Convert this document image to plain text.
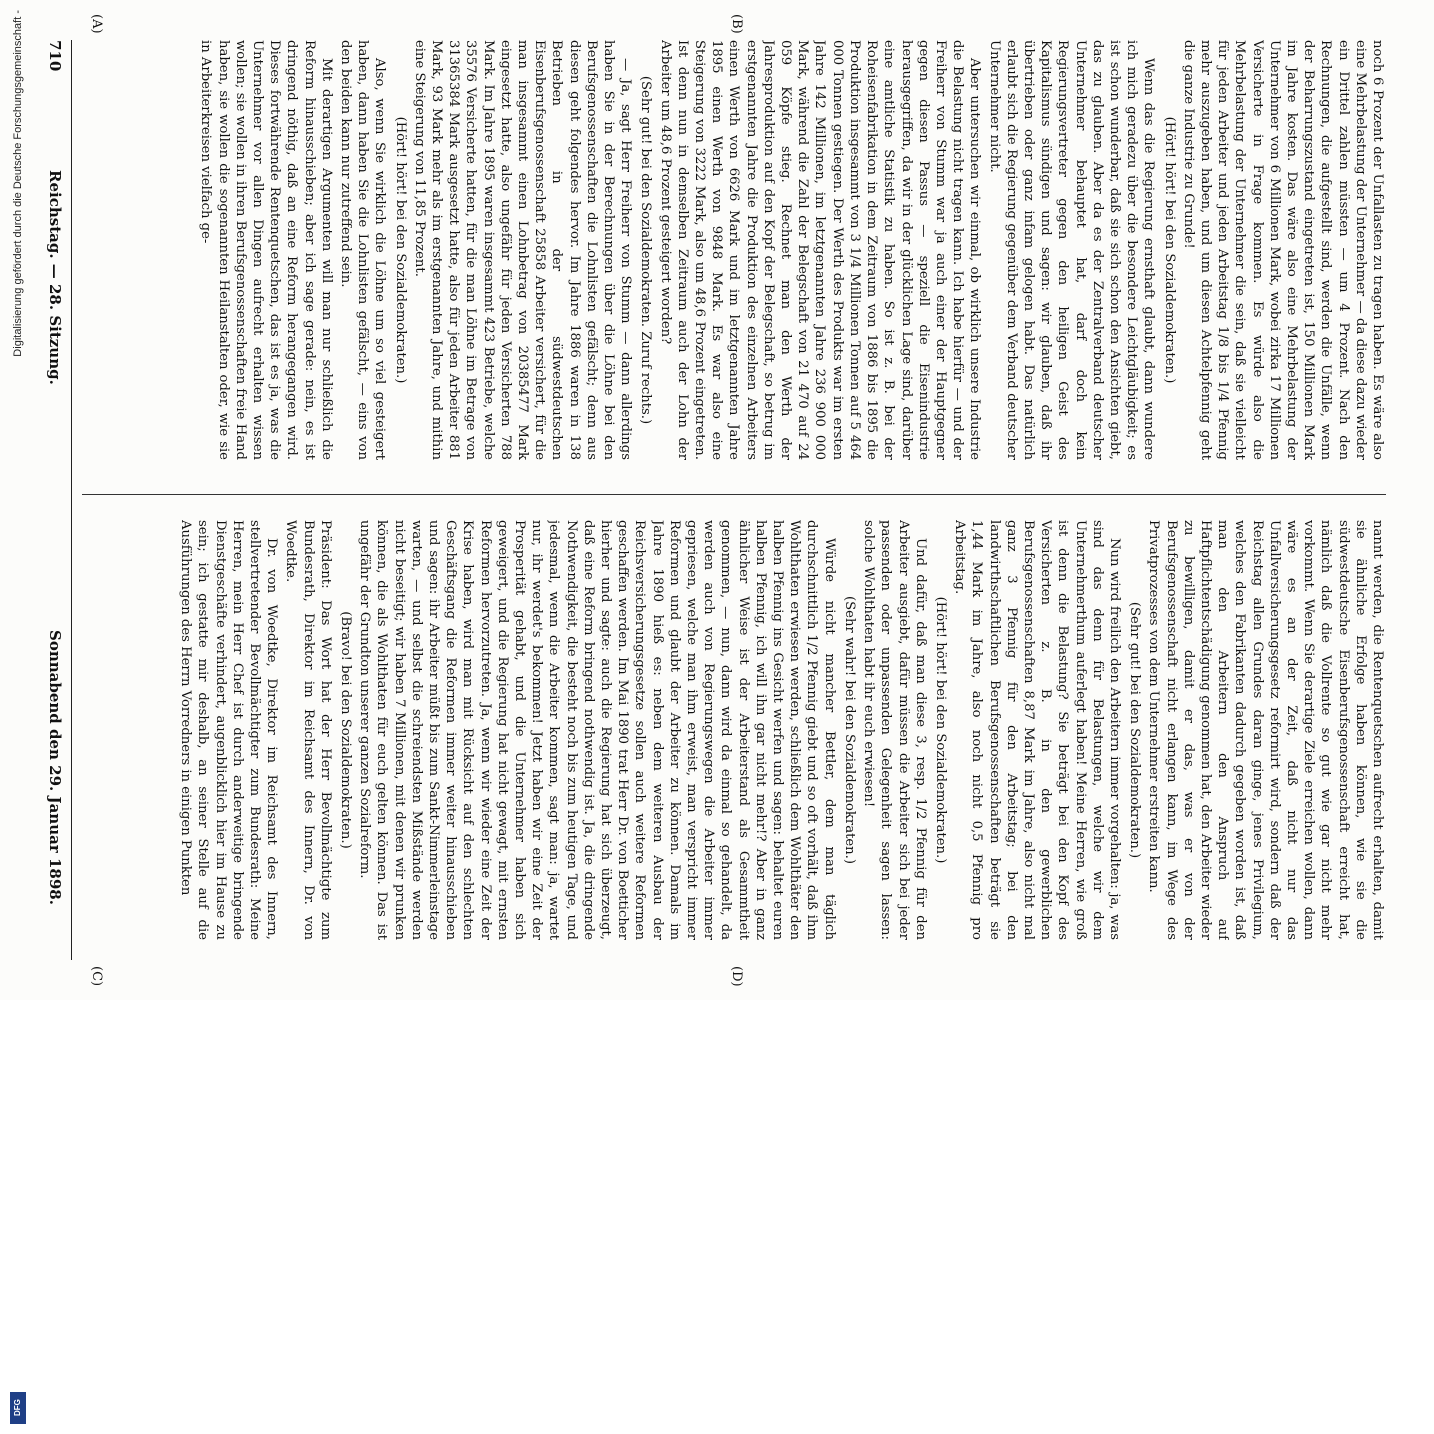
710
Reichstag. — 28. Sitzung.
Sonnabend den 29. Januar 1898.

noch 6 Prozent der Unfallasten zu tragen haben. Es wäre also eine Mehrbelastung der Unternehmer — da diese dazu wieder ein Drittel zahlen müssten — um 4 Prozent. Nach den Rechnungen, die aufgestellt sind, werden die Unfälle, wenn der Beharrungszustand eingetreten ist, 150 Millionen Mark im Jahre kosten. Das wäre also eine Mehrbelastung der Unternehmer von 6 Millionen Mark, wobei zirka 17 Millionen Versicherte in Frage kommen. Es würde also die Mehrbelastung der Unternehmer die sein, daß sie vielleicht für jeden Arbeiter und jeden Arbeitstag 1/8 bis 1/4 Pfennig mehr auszugeben haben, und um diesen Achtelpfennig geht die ganze Industrie zu Grunde!

(Hört! hört! bei den Sozialdemokraten.)

Wenn das die Regierung ernsthaft glaubt, dann wundere ich mich geradezu über die besondere Leichtgläubigkeit; es ist schon wunderbar, daß sie sich schon den Ansichten giebt, das zu glauben. Aber da es der Zentralverband deutscher Unternehmer behauptet hat, darf doch kein Regierungsvertreter gegen den heiligen Geist des Kapitalismus sündigen und sagen: wir glauben, daß ihr übertrieben oder ganz infam gelogen habt. Das natürlich erlaubt sich die Regierung gegenüber dem Verband deutscher Unternehmer nicht.

Aber untersuchen wir einmal, ob wirklich unsere Industrie die Belastung nicht tragen kann. Ich habe hierfür — und der Freiherr von Stumm war ja auch einer der Hauptgegner gegen diesen Passus — speziell die Eisenindustrie herausgegriffen, da wir in der glücklichen Lage sind, darüber eine amtliche Statistik zu haben. So ist z. B. bei der Roheisenfabrikation in dem Zeitraum von 1886 bis 1895 die Produktion insgesammt von 3 1/4 Millionen Tonnen auf 5 464 000 Tonnen gestiegen. Der Werth des Produkts war im ersten Jahre 142 Millionen, im letztgenannten Jahre 236 900 000 Mark, während die Zahl der Belegschaft von 21 470 auf 24 059 Köpfe stieg. Rechnet man den Werth der Jahresproduktion auf den Kopf der Belegschaft, so betrug im erstgenannten Jahre die Produktion des einzelnen Arbeiters einen Werth von 6626 Mark und im letztgenannten Jahre 1895 einen Werth von 9848 Mark. Es war also eine Steigerung von 3222 Mark, also um 48,6 Prozent eingetreten. Ist denn nun in demselben Zeitraum auch der Lohn der Arbeiter um 48,6 Prozent gesteigert worden?

(Sehr gut! bei den Sozialdemokraten. Zuruf rechts.)

— Ja, sagt Herr Freiherr von Stumm — dann allerdings haben Sie in der Berechnungen über die Löhne bei den Berufsgenossenschaften die Lohnlisten gefälscht; denn aus diesen geht folgendes hervor. Im Jahre 1886 waren in 138 Betrieben in der südwestdeutschen Eisenberufsgenossenschaft 25858 Arbeiter versichert, für die man insgesammt einen Lohnbetrag von 20385477 Mark eingesetzt hatte, also ungefähr für jeden Versicherten 788 Mark. Im Jahre 1895 waren insgesammt 423 Betriebe, welche 35576 Versicherte hatten, für die man Löhne im Betrage von 31365384 Mark ausgesetzt hatte, also für jeden Arbeiter 881 Mark, 93 Mark mehr als im erstgenannten Jahre, und mithin eine Steigerung von 11,85 Prozent.

(Hört! hört! bei den Sozialdemokraten.)

Also, wenn Sie wirklich die Löhne um so viel gesteigert haben, dann haben Sie die Lohnlisten gefälscht, — eins von den beiden kann nur zutreffend sein.

Mit derartigen Argumenten will man nur schließlich die Reform hinausschieben; aber ich sage gerade: nein, es ist dringend nöthig, daß an eine Reform herangegangen wird. Dieses fortwährende Rentenquetschen, das ist es ja, was die Unternehmer vor allen Dingen aufrecht erhalten wissen wollen; sie wollen in ihren Berufsgenossenschaften freie Hand haben, sie wollen die sogenannten Heilanstalten oder, wie sie in Arbeiterkreisen vielfach ge-

nannt werden, die Rentenquetschen aufrecht erhalten, damit sie ähnliche Erfolge haben können, wie sie die südwestdeutsche Eisenberufsgenossenschaft erreicht hat, nämlich daß die Vollrente so gut wie gar nicht mehr vorkommt. Wenn Sie derartige Ziele erreichen wollen, dann wäre es an der Zeit, daß nicht nur das Unfallversicherungsgesetz reformirt wird, sondern daß der Reichstag allen Grundes daran ginge, jenes Privilegium, welches den Fabrikanten dadurch gegeben worden ist, daß man den Arbeitern den Anspruch auf Haftpflichtentschädigung genommen hat, den Arbeiter wieder zu bewilligen, damit er das, was er von der Berufsgenossenschaft nicht erlangen kann, im Wege des Privatprozesses von dem Unternehmer erstreiten kann.

(Sehr gut! bei den Sozialdemokraten.)

Nun wird freilich den Arbeitern immer vorgehalten: ja, was sind das denn für Belastungen, welche wir dem Unternehmerthum auferlegt haben! Meine Herren, wie groß ist denn die Belastung? Sie beträgt bei den Kopf des Versicherten z. B. in den gewerblichen Berufsgenossenschaften 8,87 Mark im Jahre, also nicht mal ganz 3 Pfennig für den Arbeitstag; bei den landwirthschaftlichen Berufsgenossenschaften beträgt sie 1,44 Mark im Jahre, also noch nicht 0,5 Pfennig pro Arbeitstag.

(Hört! hört! bei den Sozialdemokraten.)

Und dafür, daß man diese 3, resp. 1/2 Pfennig für den Arbeiter ausgiebt, dafür müssen die Arbeiter sich bei jeder passenden oder unpassenden Gelegenheit sagen lassen: solche Wohlthaten habt ihr euch erwiesen!

(Sehr wahr! bei den Sozialdemokraten.)

Würde nicht mancher Bettler, dem man täglich durchschnittlich 1/2 Pfennig giebt und so oft vorhält, daß ihm Wohlthaten erwiesen werden, schließlich dem Wohlthäter den halben Pfennig ins Gesicht werfen und sagen: behaltet euren halben Pfennig, ich will ihn gar nicht mehr!? Aber in ganz ähnlicher Weise ist der Arbeiterstand als Gesammtheit genommen, — nun, dann wird da einmal so gehandelt, da werden auch von Regierungswegen die Arbeiter immer gepriesen, welche man ihm erweist, man verspricht immer Reformen und glaubt der Arbeiter zu können. Damals im Jahre 1890 hieß es: neben dem weiteren Ausbau der Reichsversicherungsgesetze sollen auch weitere Reformen geschaffen werden. Im Mai 1890 trat Herr Dr. von Boetticher hierher und sagte: auch die Regierung hat sich überzeugt, daß eine Reform bringend nothwendig ist. Ja, die dringende Nothwendigkeit, die besteht noch bis zum heutigen Tage, und jedesmal, wenn die Arbeiter kommen, sagt man: ja, wartet nur, ihr werdet's bekommen! Jetzt haben wir eine Zeit der Prosperität gehabt, und die Unternehmer haben sich geweigert, und die Regierung hat nicht gewagt, mit ernsten Reformen hervorzutreten. Ja, wenn wir wieder eine Zeit der Krise haben, wird man mit Rücksicht auf den schlechten Geschäftsgang die Reformen immer weiter hinausschieben und sagen: ihr Arbeiter müßt bis zum Sankt-Nimmerleinstage warten, — und selbst die schreiendsten Mißstände werden nicht beseitigt; wir haben 7 Millionen, mit denen wir prunken können, die als Wohlthaten für euch gelten können. Das ist ungefähr der Grundton unserer ganzen Sozialreform.

(Bravo! bei den Sozialdemokraten.)

Präsident: Das Wort hat der Herr Bevollmächtigte zum Bundesrath, Direktor im Reichsamt des Innern, Dr. von Woedtke.

Dr. von Woedtke, Direktor im Reichsamt des Innern, stellvertretender Bevollmächtigter zum Bundesrath: Meine Herren, mein Herr Chef ist durch anderweitige bringende Dienstgeschäfte verhindert, augenblicklich hier im Hause zu sein; ich gestatte mir deshalb, an seiner Stelle auf die Ausführungen des Herrn Vorredners in einigen Punkten

(A)	(B)
(C)	(D)
Digitalisierung gefördert durch die Deutsche Forschungsgemeinschaft -
DFG
